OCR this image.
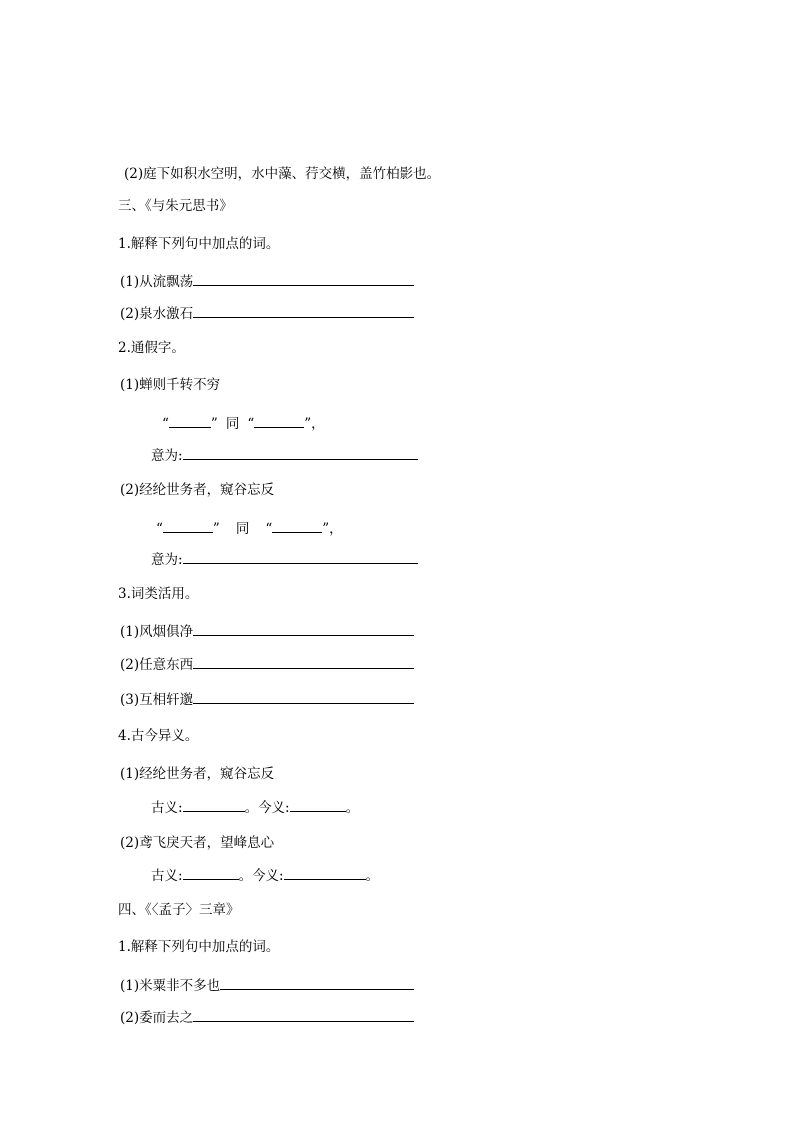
(2)庭下如积水空明，水中藻、荇交横，盖竹柏影也。
三、《与朱元思书》
1.解释下列句中加点的词。
(1)从流飘荡
(2)泉水激石
2.通假字。
(1)蝉则千转不穷
“	” 同 “	”，
意为:
(2)经纶世务者，窥谷忘反
“	” 同 “	”，
意为:
3.词类活用。
(1)风烟俱净
(2)任意东西
(3)互相轩邈
4.古今异义。
(1)经纶世务者，窥谷忘反
古义:	。今义:	。
(2)鸢飞戾天者，望峰息心
古义:	。今义:	。
四、《〈孟子〉三章》
1.解释下列句中加点的词。
(1)米粟非不多也
(2)委而去之
